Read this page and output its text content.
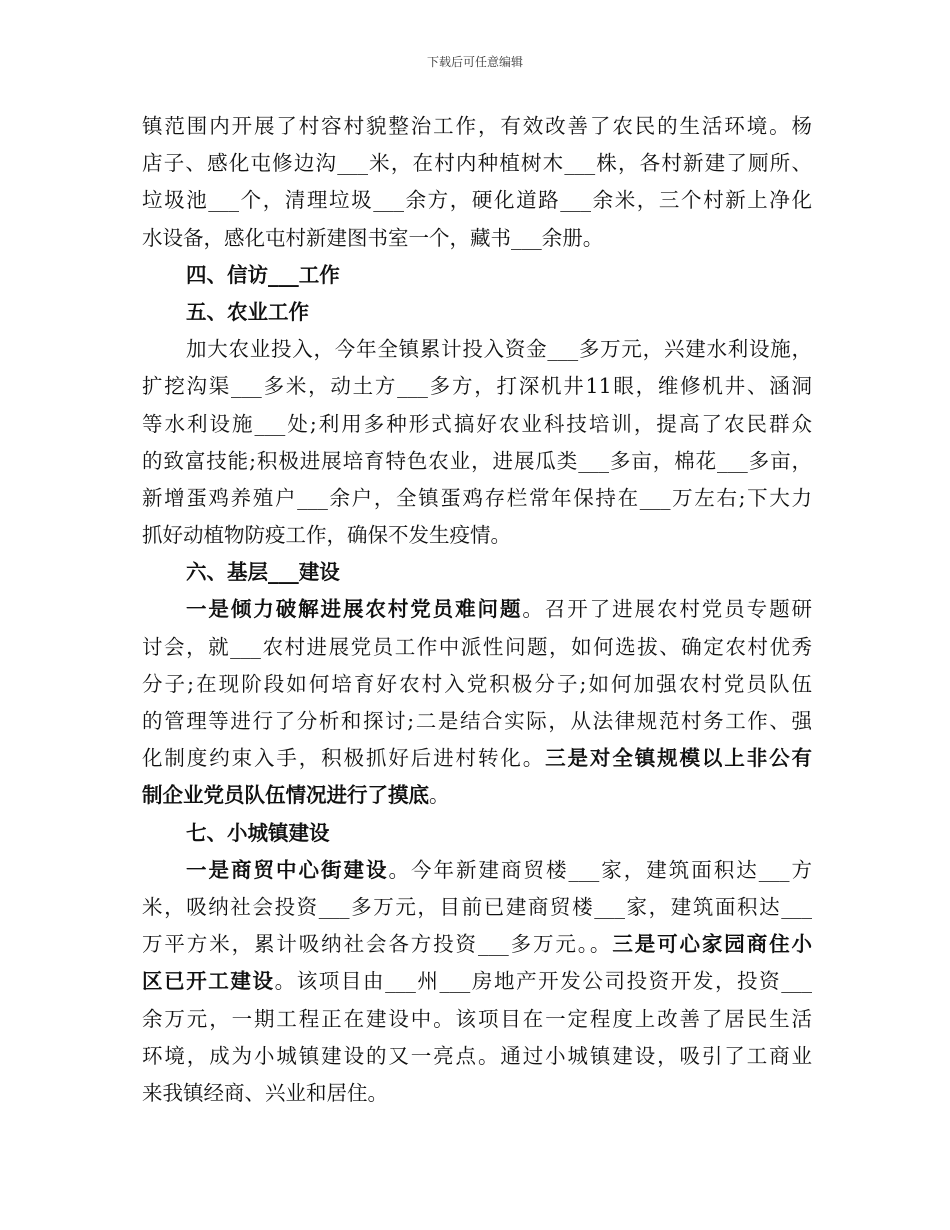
下载后可任意编辑
镇范围内开展了村容村貌整治工作，有效改善了农民的生活环境。杨
店子、感化屯修边沟___米，在村内种植树木___株，各村新建了厕所、
垃圾池___个，清理垃圾___余方，硬化道路___余米，三个村新上净化
水设备，感化屯村新建图书室一个，藏书___余册。
四、信访___工作
五、农业工作
加大农业投入，今年全镇累计投入资金___多万元，兴建水利设施，
扩挖沟渠___多米，动土方___多方，打深机井11眼，维修机井、涵洞
等水利设施___处;利用多种形式搞好农业科技培训，提高了农民群众
的致富技能;积极进展培育特色农业，进展瓜类___多亩，棉花___多亩，
新增蛋鸡养殖户___余户，全镇蛋鸡存栏常年保持在___万左右;下大力
抓好动植物防疫工作，确保不发生疫情。
六、基层___建设
一是倾力破解进展农村党员难问题。召开了进展农村党员专题研
讨会，就___农村进展党员工作中派性问题，如何选拔、确定农村优秀
分子;在现阶段如何培育好农村入党积极分子;如何加强农村党员队伍
的管理等进行了分析和探讨;二是结合实际，从法律规范村务工作、强
化制度约束入手，积极抓好后进村转化。三是对全镇规模以上非公有
制企业党员队伍情况进行了摸底。
七、小城镇建设
一是商贸中心街建设。今年新建商贸楼___家，建筑面积达___方
米，吸纳社会投资___多万元，目前已建商贸楼___家，建筑面积达___
万平方米，累计吸纳社会各方投资___多万元。。三是可心家园商住小
区已开工建设。该项目由___州___房地产开发公司投资开发，投资___
余万元，一期工程正在建设中。该项目在一定程度上改善了居民生活
环境，成为小城镇建设的又一亮点。通过小城镇建设，吸引了工商业
来我镇经商、兴业和居住。
